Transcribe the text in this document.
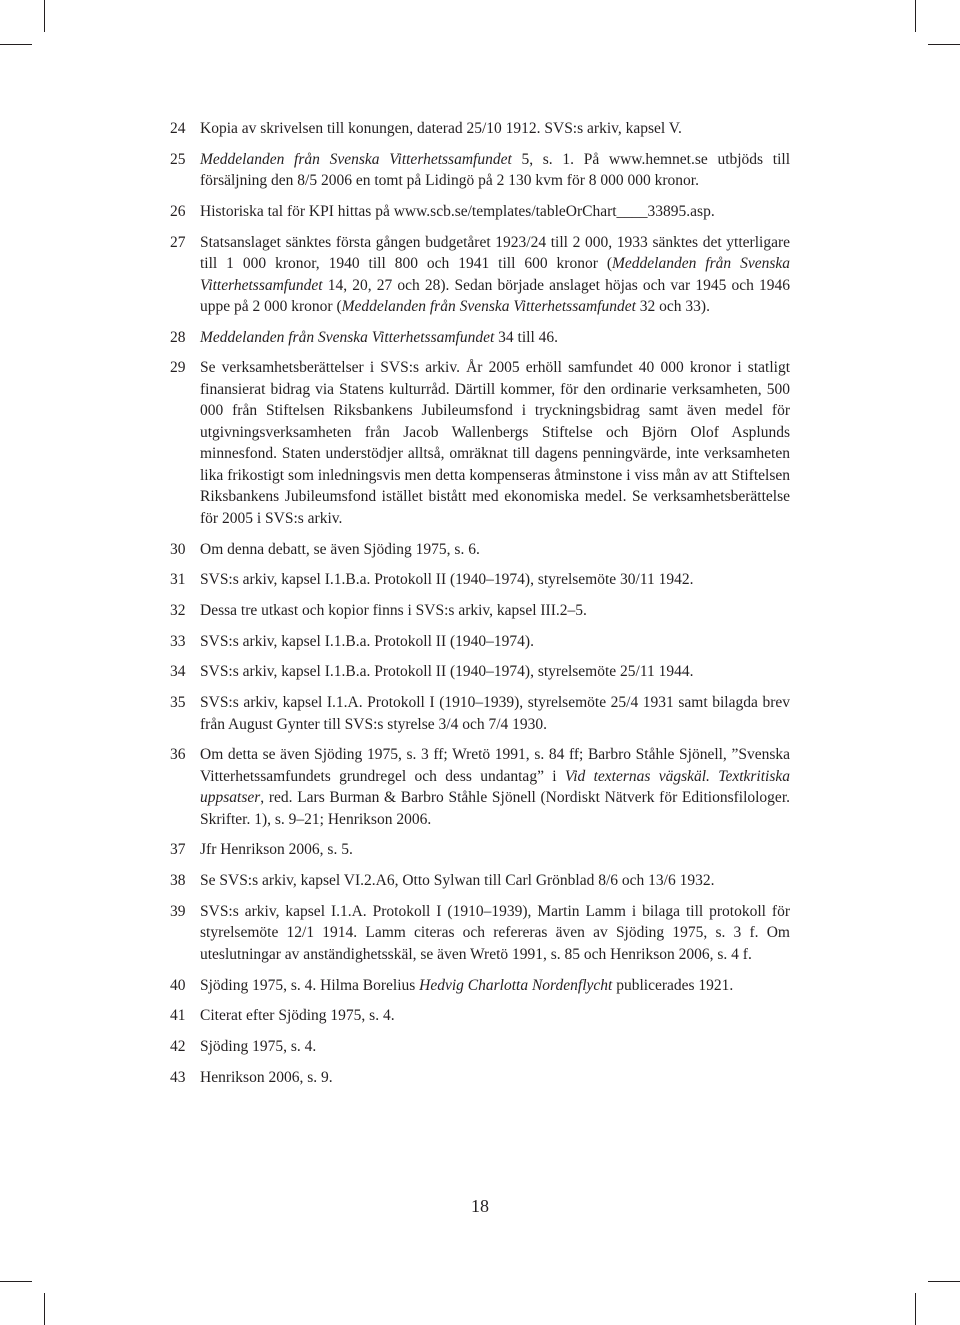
24 Kopia av skrivelsen till konungen, daterad 25/10 1912. SVS:s arkiv, kapsel V.
25 Meddelanden från Svenska Vitterhetssamfundet 5, s. 1. På www.hemnet.se utbjöds till försäljning den 8/5 2006 en tomt på Lidingö på 2 130 kvm för 8 000 000 kronor.
26 Historiska tal för KPI hittas på www.scb.se/templates/tableOrChart____33895.asp.
27 Statsanslaget sänktes första gången budgetåret 1923/24 till 2 000, 1933 sänktes det ytterligare till 1 000 kronor, 1940 till 800 och 1941 till 600 kronor (Meddelanden från Svenska Vitterhetssamfundet 14, 20, 27 och 28). Sedan började anslaget höjas och var 1945 och 1946 uppe på 2 000 kronor (Meddelanden från Svenska Vitterhetssamfundet 32 och 33).
28 Meddelanden från Svenska Vitterhetssamfundet 34 till 46.
29 Se verksamhetsberättelser i SVS:s arkiv. År 2005 erhöll samfundet 40 000 kronor i statligt finansierat bidrag via Statens kulturråd. Därtill kommer, för den ordinarie verksamheten, 500 000 från Stiftelsen Riksbankens Jubileumsfond i tryckningsbidrag samt även medel för utgivningsverksamheten från Jacob Wallenbergs Stiftelse och Björn Olof Asplunds minnesfond. Staten understödjer alltså, omräknat till dagens penningvärde, inte verksamheten lika frikostigt som inledningsvis men detta kompenseras åtminstone i viss mån av att Stiftelsen Riksbankens Jubileumsfond istället bistått med ekonomiska medel. Se verksamhetsberättelse för 2005 i SVS:s arkiv.
30 Om denna debatt, se även Sjöding 1975, s. 6.
31 SVS:s arkiv, kapsel I.1.B.a. Protokoll II (1940–1974), styrelsemöte 30/11 1942.
32 Dessa tre utkast och kopior finns i SVS:s arkiv, kapsel III.2–5.
33 SVS:s arkiv, kapsel I.1.B.a. Protokoll II (1940–1974).
34 SVS:s arkiv, kapsel I.1.B.a. Protokoll II (1940–1974), styrelsemöte 25/11 1944.
35 SVS:s arkiv, kapsel I.1.A. Protokoll I (1910–1939), styrelsemöte 25/4 1931 samt bilagda brev från August Gynter till SVS:s styrelse 3/4 och 7/4 1930.
36 Om detta se även Sjöding 1975, s. 3 ff; Wretö 1991, s. 84 ff; Barbro Ståhle Sjönell, ”Svenska Vitterhetssamfundets grundregel och dess undantag” i Vid texternas vägskäl. Textkritiska uppsatser, red. Lars Burman & Barbro Ståhle Sjönell (Nordiskt Nätverk för Editionsfilologer. Skrifter. 1), s. 9–21; Henrikson 2006.
37 Jfr Henrikson 2006, s. 5.
38 Se SVS:s arkiv, kapsel VI.2.A6, Otto Sylwan till Carl Grönblad 8/6 och 13/6 1932.
39 SVS:s arkiv, kapsel I.1.A. Protokoll I (1910–1939), Martin Lamm i bilaga till protokoll för styrelsemöte 12/1 1914. Lamm citeras och refereras även av Sjöding 1975, s. 3 f. Om uteslutningar av anständighetsskäl, se även Wretö 1991, s. 85 och Henrikson 2006, s. 4 f.
40 Sjöding 1975, s. 4. Hilma Borelius Hedvig Charlotta Nordenflycht publicerades 1921.
41 Citerat efter Sjöding 1975, s. 4.
42 Sjöding 1975, s. 4.
43 Henrikson 2006, s. 9.
18
